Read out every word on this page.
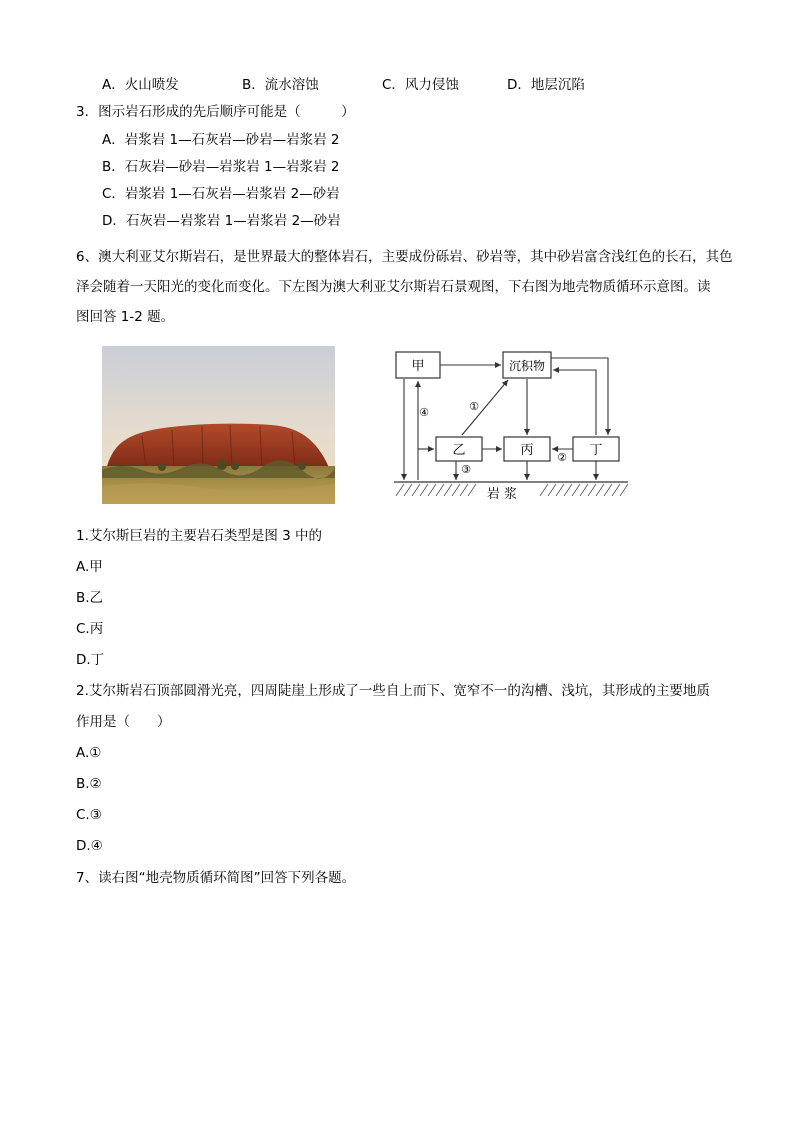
A．火山喷发	B．流水溶蚀	C．风力侵蚀	D．地层沉陷
3．图示岩石形成的先后顺序可能是（　　　）
A．岩浆岩 1—石灰岩—砂岩—岩浆岩 2
B．石灰岩—砂岩—岩浆岩 1—岩浆岩 2
C．岩浆岩 1—石灰岩—岩浆岩 2—砂岩
D．石灰岩—岩浆岩 1—岩浆岩 2—砂岩
6、澳大利亚艾尔斯岩石，是世界最大的整体岩石，主要成份砾岩、砂岩等，其中砂岩富含浅红色的长石，其色
泽会随着一天阳光的变化而变化。下左图为澳大利亚艾尔斯岩石景观图，下右图为地壳物质循环示意图。读
图回答 1-2 题。
甲	沉积物
乙	丙	丁
岩 浆
①
②
③
④
1.艾尔斯巨岩的主要岩石类型是图 3 中的
A.甲
B.乙
C.丙
D.丁
2.艾尔斯岩石顶部圆滑光亮，四周陡崖上形成了一些自上而下、宽窄不一的沟槽、浅坑，其形成的主要地质
作用是（　　）
A.①
B.②
C.③
D.④
7、读右图“地壳物质循环简图”回答下列各题。
